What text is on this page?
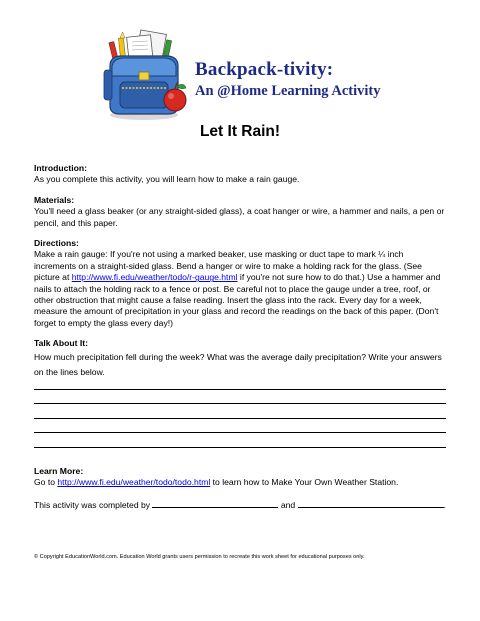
Backpack-tivity:
An @Home Learning Activity
Let It Rain!
Introduction:

As you complete this activity, you will learn how to make a rain gauge.

Materials:

You'll need a glass beaker (or any straight-sided glass), a coat hanger or wire, a hammer and nails, a pen or pencil, and this paper.

Directions:

Make a rain gauge: If you're not using a marked beaker, use masking or duct tape to mark ¼ inch increments on a straight-sided glass. Bend a hanger or wire to make a holding rack for the glass. (See picture at http://www.fi.edu/weather/todo/r-gauge.html if you're not sure how to do that.) Use a hammer and nails to attach the holding rack to a fence or post. Be careful not to place the gauge under a tree, roof, or other obstruction that might cause a false reading. Insert the glass into the rack. Every day for a week, measure the amount of precipitation in your glass and record the readings on the back of this paper. (Don't forget to empty the glass every day!)

Talk About It:

How much precipitation fell during the week? What was the average daily precipitation? Write your answers on the lines below.

Learn More:

Go to http://www.fi.edu/weather/todo/todo.html to learn how to Make Your Own Weather Station.

This activity was completed by	and	.
© Copyright EducationWorld.com. Education World grants users permission to recreate this work sheet for educational purposes only.
